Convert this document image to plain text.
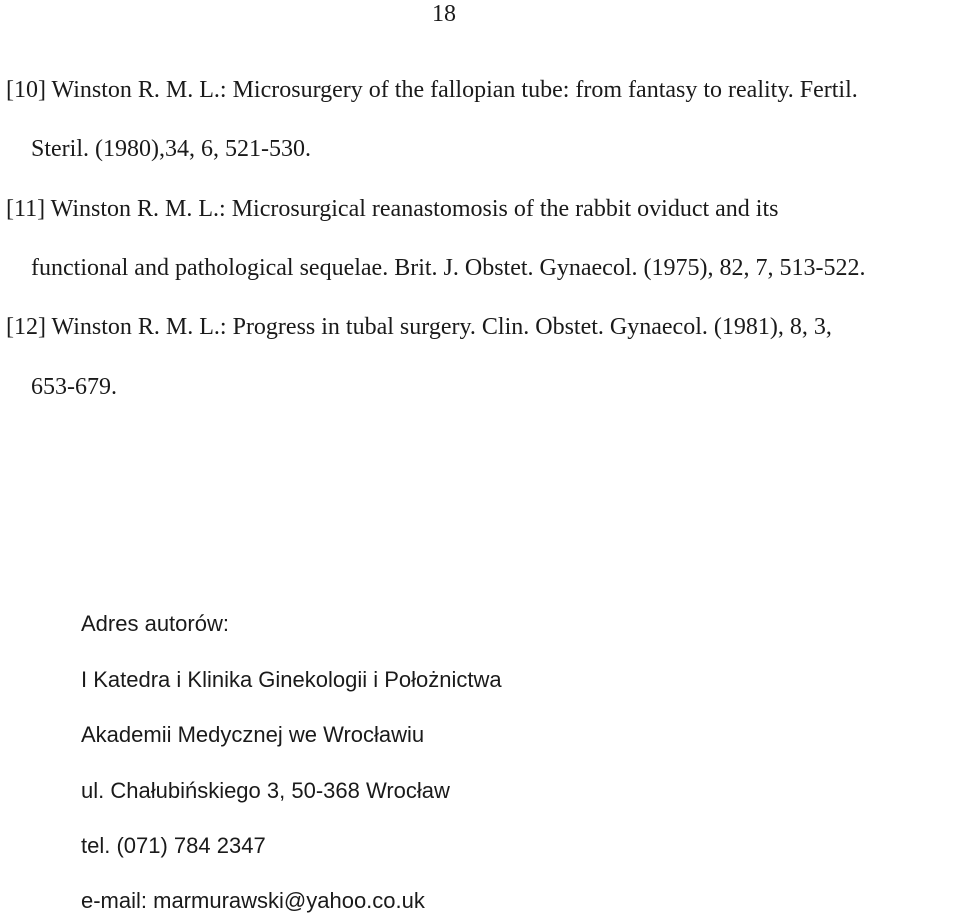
18
[10] Winston R. M. L.: Microsurgery of the fallopian tube: from fantasy to reality. Fertil.
Steril. (1980),34, 6, 521-530.
[11] Winston R. M. L.: Microsurgical reanastomosis of the rabbit oviduct and its
functional and pathological sequelae. Brit. J. Obstet. Gynaecol. (1975), 82, 7, 513-522.
[12] Winston R. M. L.: Progress in tubal surgery. Clin. Obstet. Gynaecol. (1981), 8, 3,
653-679.
Adres autorów:
I Katedra i Klinika Ginekologii i Położnictwa
Akademii Medycznej we Wrocławiu
ul. Chałubińskiego 3, 50-368 Wrocław
tel. (071) 784 2347
e-mail: marmurawski@yahoo.co.uk
